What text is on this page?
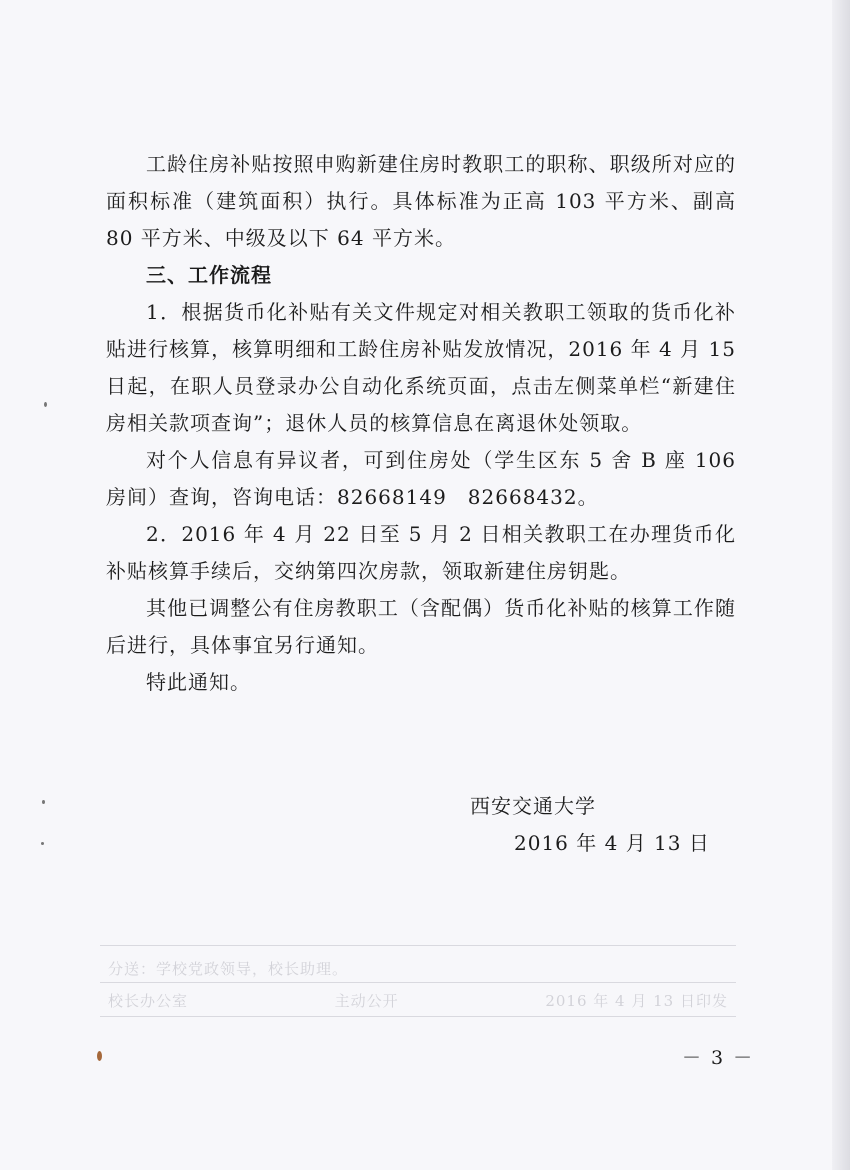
工龄住房补贴按照申购新建住房时教职工的职称、职级所对应的面积标准（建筑面积）执行。具体标准为正高 103 平方米、副高 80 平方米、中级及以下 64 平方米。

三、工作流程

1．根据货币化补贴有关文件规定对相关教职工领取的货币化补贴进行核算，核算明细和工龄住房补贴发放情况，2016 年 4 月 15 日起，在职人员登录办公自动化系统页面，点击左侧菜单栏“新建住房相关款项查询”；退休人员的核算信息在离退休处领取。

对个人信息有异议者，可到住房处（学生区东 5 舍 B 座 106 房间）查询，咨询电话：82668149　82668432。

2．2016 年 4 月 22 日至 5 月 2 日相关教职工在办理货币化补贴核算手续后，交纳第四次房款，领取新建住房钥匙。

其他已调整公有住房教职工（含配偶）货币化补贴的核算工作随后进行，具体事宜另行通知。

特此通知。

西安交通大学
2016 年 4 月 13 日
分送：学校党政领导，校长助理。
校长办公室	主动公开	2016 年 4 月 13 日印发
－ 3 －
